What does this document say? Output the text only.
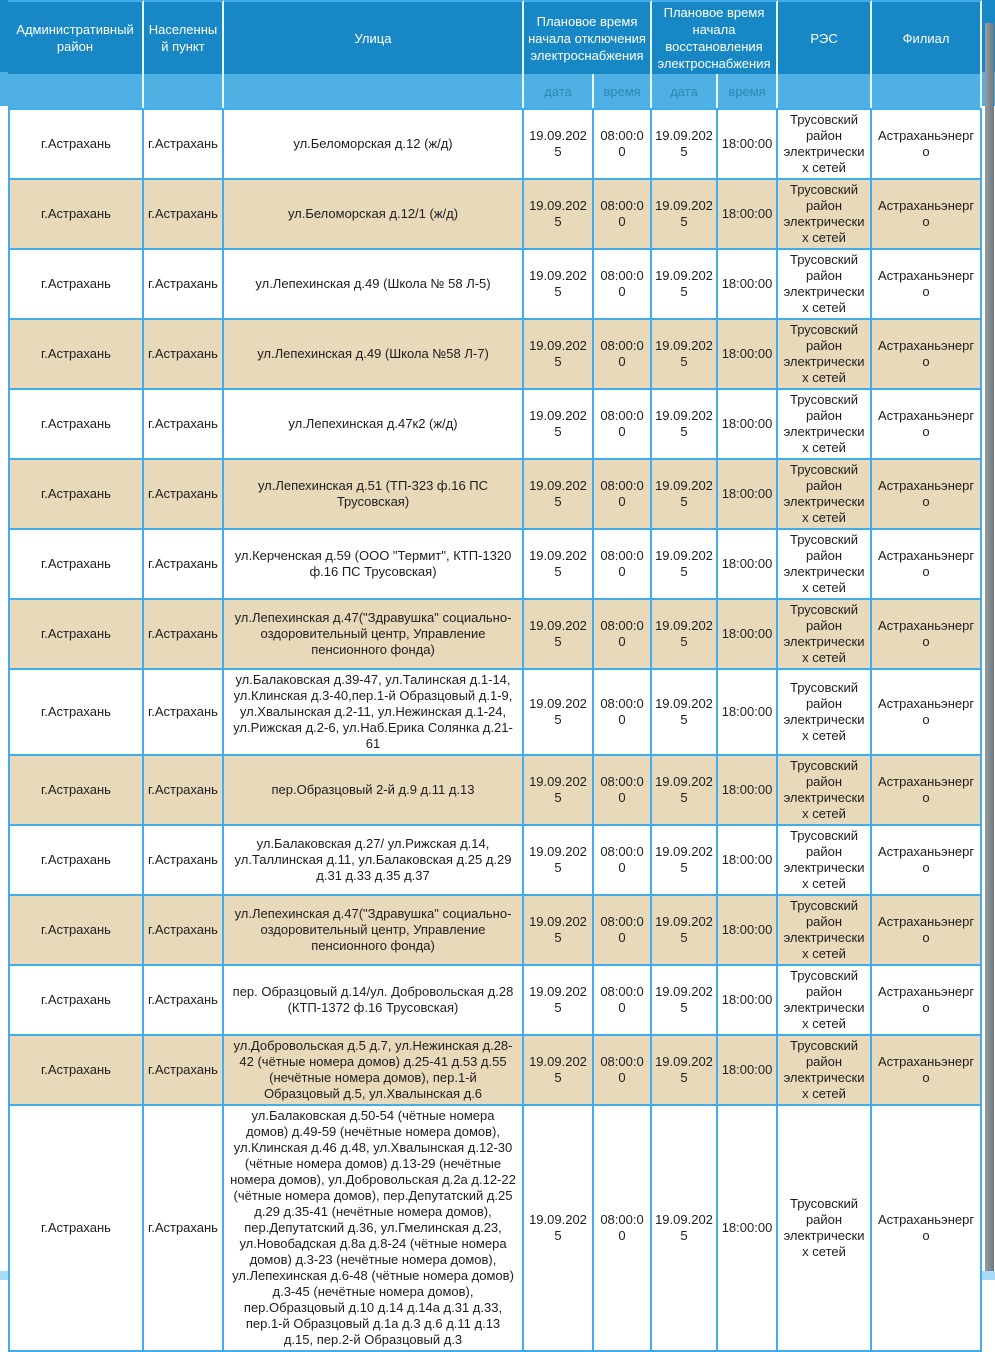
Административный район	Населенный пункт	Улица	Плановое время начала отключения электроснабжения		Плановое время начала восстановления электроснабжения		РЭС	Филиал
			дата	время	дата	время		
г.Астрахань	г.Астрахань	ул.Беломорская д.12 (ж/д)	19.09.2025	08:00:00	19.09.2025	18:00:00	Трусовский район электрических сетей	Астраханьэнерго
г.Астрахань	г.Астрахань	ул.Беломорская д.12/1 (ж/д)	19.09.2025	08:00:00	19.09.2025	18:00:00	Трусовский район электрических сетей	Астраханьэнерго
г.Астрахань	г.Астрахань	ул.Лепехинская д.49 (Школа № 58 Л-5)	19.09.2025	08:00:00	19.09.2025	18:00:00	Трусовский район электрических сетей	Астраханьэнерго
г.Астрахань	г.Астрахань	ул.Лепехинская д.49 (Школа №58 Л-7)	19.09.2025	08:00:00	19.09.2025	18:00:00	Трусовский район электрических сетей	Астраханьэнерго
г.Астрахань	г.Астрахань	ул.Лепехинская д.47к2 (ж/д)	19.09.2025	08:00:00	19.09.2025	18:00:00	Трусовский район электрических сетей	Астраханьэнерго
г.Астрахань	г.Астрахань	ул.Лепехинская д.51 (ТП-323 ф.16 ПС Трусовская)	19.09.2025	08:00:00	19.09.2025	18:00:00	Трусовский район электрических сетей	Астраханьэнерго
г.Астрахань	г.Астрахань	ул.Керченская д.59 (ООО "Термит", КТП-1320 ф.16 ПС Трусовская)	19.09.2025	08:00:00	19.09.2025	18:00:00	Трусовский район электрических сетей	Астраханьэнерго
г.Астрахань	г.Астрахань	ул.Лепехинская д.47("Здравушка" социально-оздоровительный центр, Управление пенсионного фонда)	19.09.2025	08:00:00	19.09.2025	18:00:00	Трусовский район электрических сетей	Астраханьэнерго
г.Астрахань	г.Астрахань	ул.Балаковская д.39-47, ул.Талинская д.1-14, ул.Клинская д.3-40,пер.1-й Образцовый д.1-9, ул.Хвалынская д.2-11, ул.Нежинская д.1-24, ул.Рижская д.2-6, ул.Наб.Ерика Солянка д.21-61	19.09.2025	08:00:00	19.09.2025	18:00:00	Трусовский район электрических сетей	Астраханьэнерго
г.Астрахань	г.Астрахань	пер.Образцовый 2-й д.9 д.11 д.13	19.09.2025	08:00:00	19.09.2025	18:00:00	Трусовский район электрических сетей	Астраханьэнерго
г.Астрахань	г.Астрахань	ул.Балаковская д.27/ ул.Рижская д.14, ул.Таллинская д.11, ул.Балаковская д.25 д.29 д.31 д.33 д.35 д.37	19.09.2025	08:00:00	19.09.2025	18:00:00	Трусовский район электрических сетей	Астраханьэнерго
г.Астрахань	г.Астрахань	ул.Лепехинская д.47("Здравушка" социально-оздоровительный центр, Управление пенсионного фонда)	19.09.2025	08:00:00	19.09.2025	18:00:00	Трусовский район электрических сетей	Астраханьэнерго
г.Астрахань	г.Астрахань	пер. Образцовый д.14/ул. Добровольская д.28 (КТП-1372 ф.16 Трусовская)	19.09.2025	08:00:00	19.09.2025	18:00:00	Трусовский район электрических сетей	Астраханьэнерго
г.Астрахань	г.Астрахань	ул.Добровольская д.5 д.7, ул.Нежинская д.28-42 (чётные номера домов) д.25-41 д.53 д.55 (нечётные номера домов), пер.1-й Образцовый д.5, ул.Хвалынская д.6	19.09.2025	08:00:00	19.09.2025	18:00:00	Трусовский район электрических сетей	Астраханьэнерго
г.Астрахань	г.Астрахань	ул.Балаковская д.50-54 (чётные номера домов) д.49-59 (нечётные номера домов), ул.Клинская д.46 д.48, ул.Хвалынская д.12-30 (чётные номера домов) д.13-29 (нечётные номера домов), ул.Добровольская д.2а д.12-22 (чётные номера домов), пер.Депутатский д.25 д.29 д.35-41 (нечётные номера домов), пер.Депутатский д.36, ул.Гмелинская д.23, ул.Новобадская д.8а д.8-24 (чётные номера домов) д.3-23 (нечётные номера домов), ул.Лепехинская д.6-48 (чётные номера домов) д.3-45 (нечётные номера домов), пер.Образцовый д.10 д.14 д.14а д.31 д.33, пер.1-й Образцовый д.1а д.3 д.6 д.11 д.13 д.15, пер.2-й Образцовый д.3	19.09.2025	08:00:00	19.09.2025	18:00:00	Трусовский район электрических сетей	Астраханьэнерго
